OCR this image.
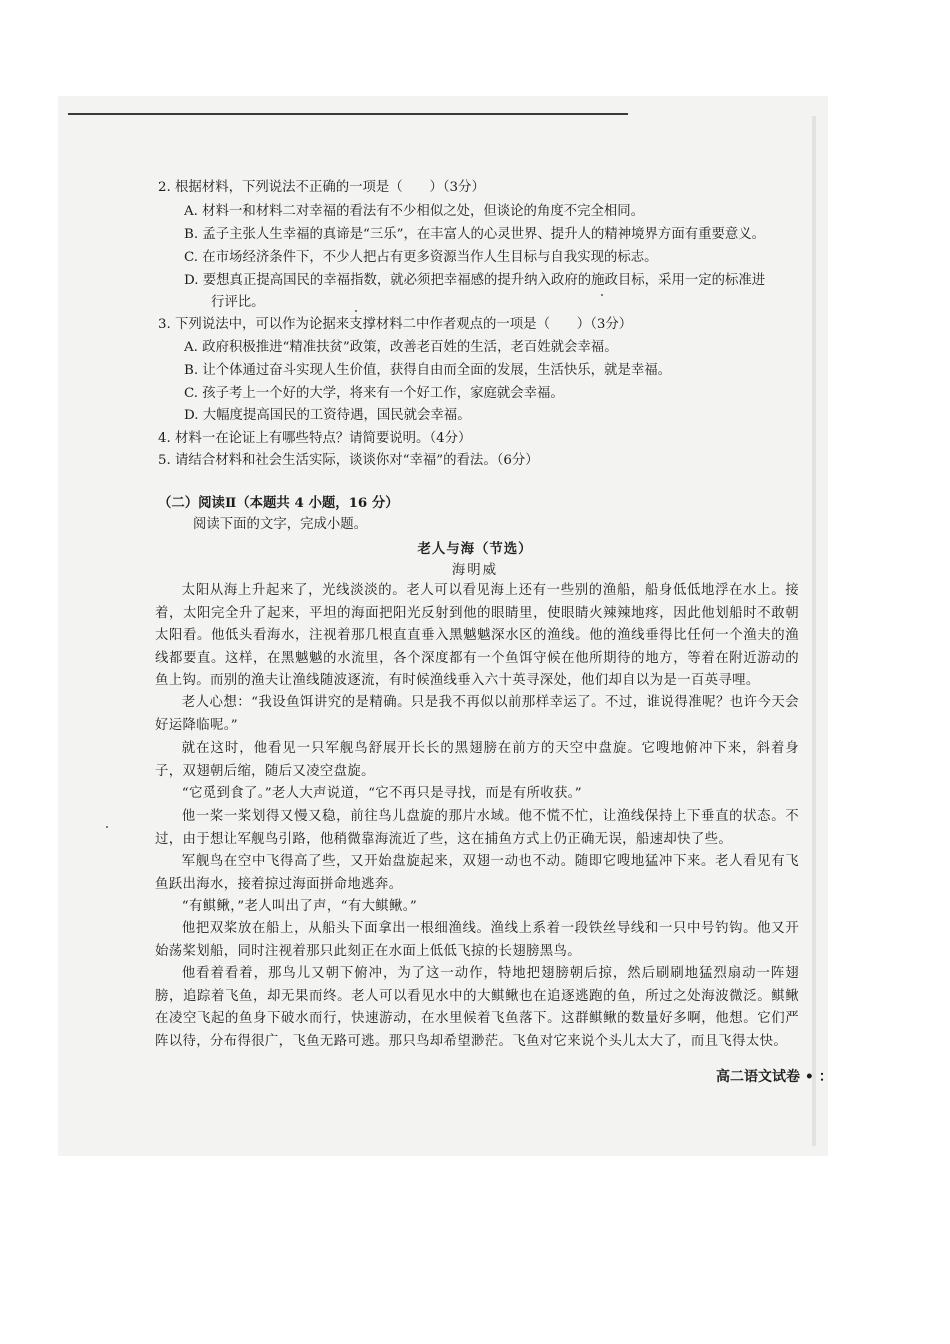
2. 根据材料，下列说法不正确的一项是（　　）（3分）
A. 材料一和材料二对幸福的看法有不少相似之处，但谈论的角度不完全相同。
B. 孟子主张人生幸福的真谛是“三乐”，在丰富人的心灵世界、提升人的精神境界方面有重要意义。
C. 在市场经济条件下，不少人把占有更多资源当作人生目标与自我实现的标志。
D. 要想真正提高国民的幸福指数，就必须把幸福感的提升纳入政府的施政目标，采用一定的标准进
行评比。
3. 下列说法中，可以作为论据来支撑材料二中作者观点的一项是（　　）（3分）
A. 政府积极推进“精准扶贫”政策，改善老百姓的生活，老百姓就会幸福。
B. 让个体通过奋斗实现人生价值，获得自由而全面的发展，生活快乐，就是幸福。
C. 孩子考上一个好的大学，将来有一个好工作，家庭就会幸福。
D. 大幅度提高国民的工资待遇，国民就会幸福。
4. 材料一在论证上有哪些特点？请简要说明。（4分）
5. 请结合材料和社会生活实际，谈谈你对“幸福”的看法。（6分）
（二）阅读Ⅱ（本题共 4 小题，16 分）
阅读下面的文字，完成小题。
老人与海（节选）
海明威

太阳从海上升起来了，光线淡淡的。老人可以看见海上还有一些别的渔船，船身低低地浮在水上。接着，太阳完全升了起来，平坦的海面把阳光反射到他的眼睛里，使眼睛火辣辣地疼，因此他划船时不敢朝太阳看。他低头看海水，注视着那几根直直垂入黑魆魆深水区的渔线。他的渔线垂得比任何一个渔夫的渔线都要直。这样，在黑魆魆的水流里，各个深度都有一个鱼饵守候在他所期待的地方，等着在附近游动的鱼上钩。而别的渔夫让渔线随波逐流，有时候渔线垂入六十英寻深处，他们却自以为是一百英寻哩。

老人心想：“我设鱼饵讲究的是精确。只是我不再似以前那样幸运了。不过，谁说得准呢？也许今天会好运降临呢。”

就在这时，他看见一只军舰鸟舒展开长长的黑翅膀在前方的天空中盘旋。它嗖地俯冲下来，斜着身子，双翅朝后缩，随后又凌空盘旋。

“它觅到食了。”老人大声说道，“它不再只是寻找，而是有所收获。”

他一桨一桨划得又慢又稳，前往鸟儿盘旋的那片水域。他不慌不忙，让渔线保持上下垂直的状态。不过，由于想让军舰鸟引路，他稍微靠海流近了些，这在捕鱼方式上仍正确无误，船速却快了些。

军舰鸟在空中飞得高了些，又开始盘旋起来，双翅一动也不动。随即它嗖地猛冲下来。老人看见有飞鱼跃出海水，接着掠过海面拼命地逃奔。

“有鲯鳅，”老人叫出了声，“有大鲯鳅。”

他把双桨放在船上，从船头下面拿出一根细渔线。渔线上系着一段铁丝导线和一只中号钓钩。他又开始荡桨划船，同时注视着那只此刻正在水面上低低飞掠的长翅膀黑鸟。

他看着看着，那鸟儿又朝下俯冲，为了这一动作，特地把翅膀朝后掠，然后刷刷地猛烈扇动一阵翅膀，追踪着飞鱼，却无果而终。老人可以看见水中的大鲯鳅也在追逐逃跑的鱼，所过之处海波微泛。鲯鳅在凌空飞起的鱼身下破水而行，快速游动，在水里候着飞鱼落下。这群鲯鳅的数量好多啊，他想。它们严阵以待，分布得很广，飞鱼无路可逃。那只鸟却希望渺茫。飞鱼对它来说个头儿太大了，而且飞得太快。

高二语文试卷 • ：
